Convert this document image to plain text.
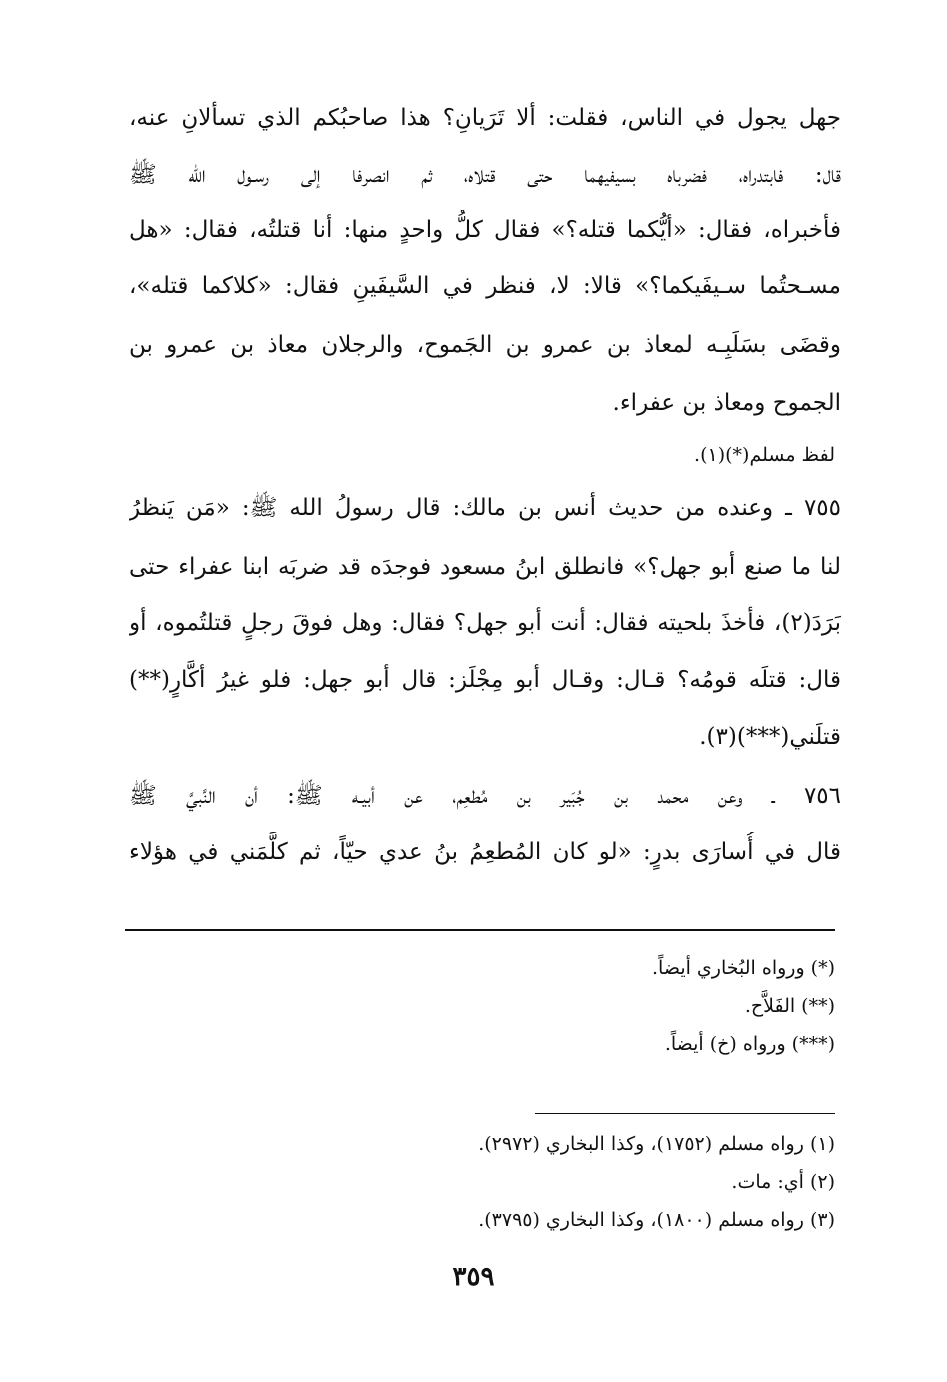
جهل يجول في الناس، فقلت: ألا تَرَيانِ؟ هذا صاحبُكم الذي تسألانِ عنه،
قال: فابتدراه، فضرباه بسيفيهما حتى قتلاه، ثم انصرفا إلى رسـول الله ﷺ
فأخبراه، فقال: «أيُّكما قتله؟» فقال كلُّ واحدٍ منها: أنا قتلتُه، فقال: «هل
مسـحتُما سـيفَيكما؟» قالا: لا، فنظر في السَّيفَينِ فقال: «كلاكما قتله»،
وقضَى بسَلَبِـه لمعاذ بن عمرو بن الجَموح، والرجلان معاذ بن عمرو بن
الجموح ومعاذ بن عفراء.
لفظ مسلم(*)(١).
٧٥٥ ـ وعنده من حديث أنس بن مالك: قال رسولُ الله ﷺ: «مَن يَنظرُ
لنا ما صنع أبو جهل؟» فانطلق ابنُ مسعود فوجدَه قد ضربَه ابنا عفراء حتى
بَرَدَ(٢)، فأخذَ بلحيته فقال: أنت أبو جهل؟ فقال: وهل فوقَ رجلٍ قتلتُموه، أو
قال: قتلَه قومُه؟ قـال: وقـال أبو مِجْلَز: قال أبو جهل: فلو غيرُ أكَّارٍ(**)
قتلَني(***)(٣).
٧٥٦ ـ وعن محمد بن جُبَير بن مُطعِم، عن أبيـه ﷺ: أن النَّبيَّ ﷺ
قال في أُسارَى بدرٍ: «لو كان المُطعِمُ بنُ عدي حيّاً، ثم كلَّمَني في هؤلاء
(*) ورواه البُخاري أيضاً.
(**) الفَلاَّح.
(***) ورواه (خ) أيضاً.
(١) رواه مسلم (١٧٥٢)، وكذا البخاري (٢٩٧٢).
(٢) أي: مات.
(٣) رواه مسلم (١٨٠٠)، وكذا البخاري (٣٧٩٥).
٣٥٩
